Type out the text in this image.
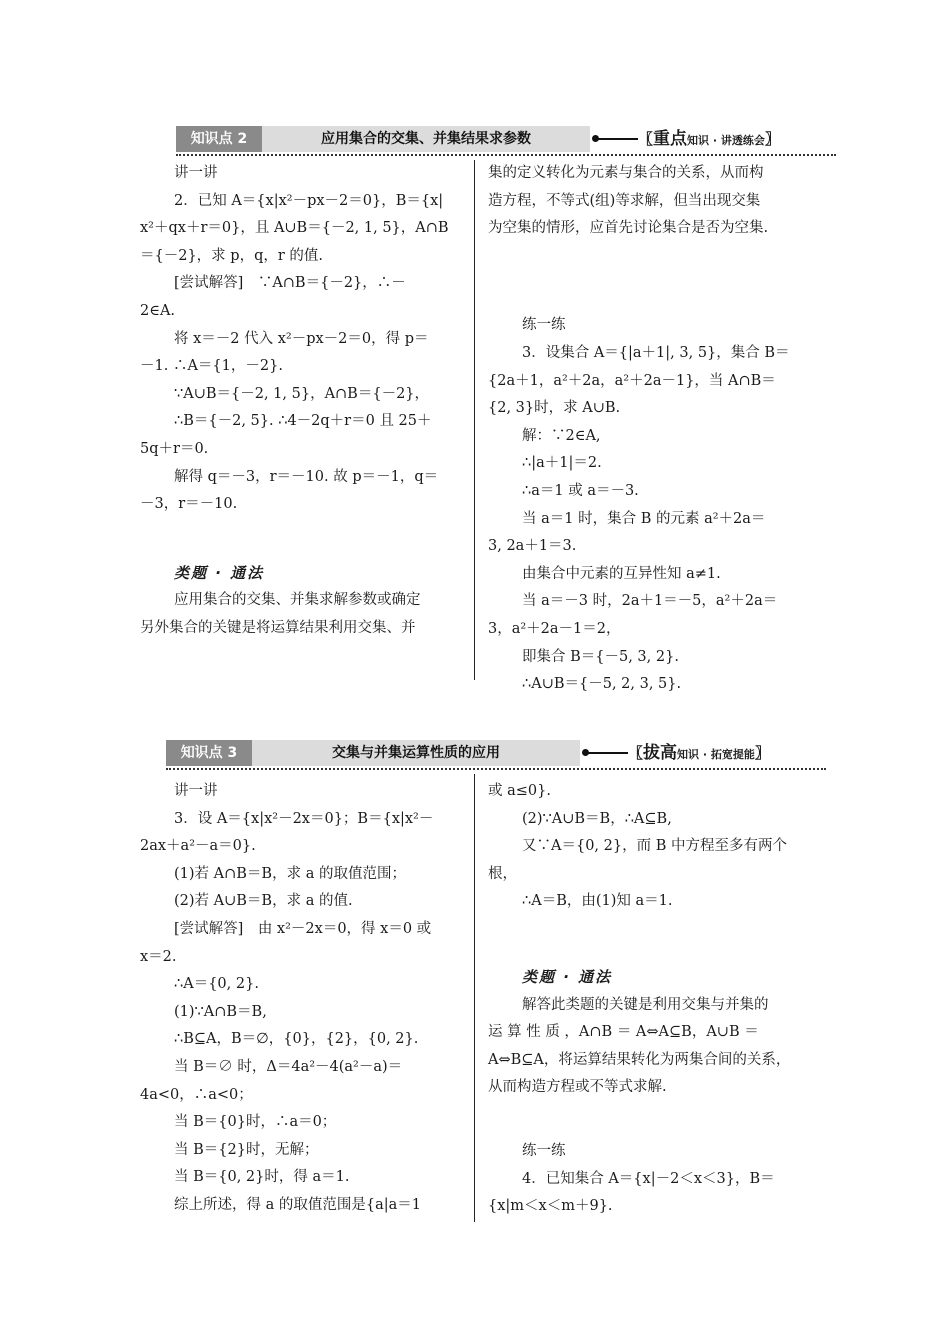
知识点 2	应用集合的交集、并集结果求参数	〖重点知识 · 讲透练会〗

讲一讲

2．已知 A＝{x|x²－px－2＝0}，B＝{x|

x²＋qx＋r＝0}，且 A∪B＝{－2, 1, 5}，A∩B

＝{－2}，求 p，q，r 的值.

[尝试解答]　∵A∩B＝{－2}，∴－

2∈A.

将 x＝－2 代入 x²－px－2＝0，得 p＝

－1. ∴A＝{1，－2}.

∵A∪B＝{－2, 1, 5}，A∩B＝{－2}，

∴B＝{－2, 5}. ∴4－2q＋r＝0 且 25＋

5q＋r＝0.

解得 q＝－3，r＝－10. 故 p＝－1，q＝

－3，r＝－10.

类题 · 通法

应用集合的交集、并集求解参数或确定

另外集合的关键是将运算结果利用交集、并

集的定义转化为元素与集合的关系，从而构

造方程，不等式(组)等求解，但当出现交集

为空集的情形，应首先讨论集合是否为空集.

练一练

3．设集合 A＝{|a＋1|, 3, 5}，集合 B＝

{2a＋1，a²＋2a，a²＋2a－1}，当 A∩B＝

{2, 3}时，求 A∪B.

解：∵2∈A,

∴|a＋1|＝2.

∴a＝1 或 a＝－3.

当 a＝1 时，集合 B 的元素 a²＋2a＝

3, 2a＋1＝3.

由集合中元素的互异性知 a≠1.

当 a＝－3 时，2a＋1＝－5，a²＋2a＝

3，a²＋2a－1＝2，

即集合 B＝{－5, 3, 2}.

∴A∪B＝{－5, 2, 3, 5}.

知识点 3	交集与并集运算性质的应用	〖拔高知识 · 拓宽提能〗

讲一讲

3．设 A＝{x|x²－2x＝0}；B＝{x|x²－

2ax＋a²－a＝0}.

(1)若 A∩B＝B，求 a 的取值范围；

(2)若 A∪B＝B，求 a 的值.

[尝试解答]　由 x²－2x＝0，得 x＝0 或

x＝2.

∴A＝{0, 2}.

(1)∵A∩B＝B,

∴B⊆A，B＝∅，{0}，{2}，{0, 2}.

当 B＝∅ 时，Δ＝4a²－4(a²－a)＝

4a<0，∴a<0；

当 B＝{0}时，∴a＝0；

当 B＝{2}时，无解；

当 B＝{0, 2}时，得 a＝1.

综上所述，得 a 的取值范围是{a|a＝1

或 a≤0}.

(2)∵A∪B＝B，∴A⊆B,

又∵A＝{0, 2}，而 B 中方程至多有两个

根，

∴A＝B，由(1)知 a＝1.

类题 · 通法

解答此类题的关键是利用交集与并集的

运 算 性 质 ，A∩B ＝ A⇔A⊆B，A∪B ＝

A⇔B⊆A，将运算结果转化为两集合间的关系，

从而构造方程或不等式求解.

练一练

4．已知集合 A＝{x|－2＜x＜3}，B＝

{x|m＜x＜m＋9}.
